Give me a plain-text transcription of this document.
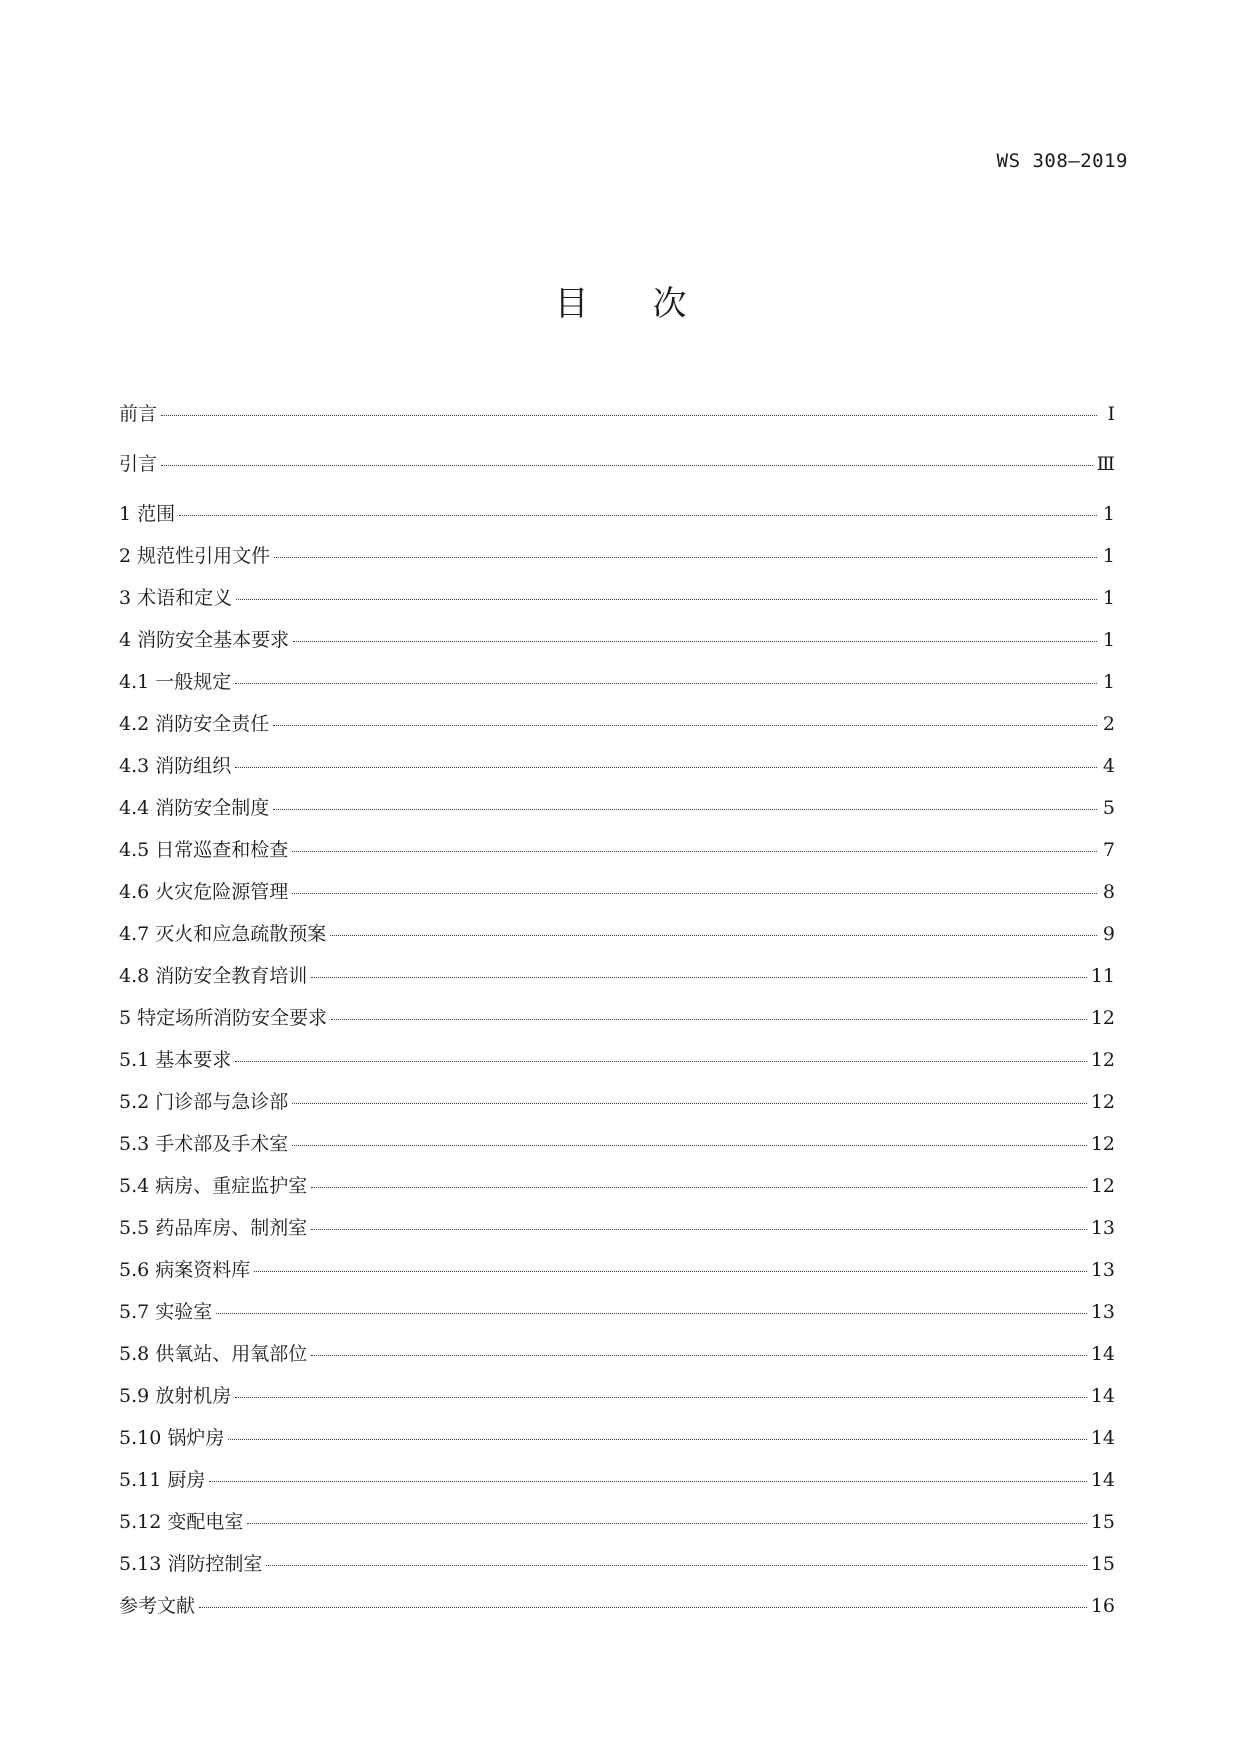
WS 308—2019
目次
前言	Ⅰ
引言	Ⅲ
1 范围	1
2 规范性引用文件	1
3 术语和定义	1
4 消防安全基本要求	1
4.1 一般规定	1
4.2 消防安全责任	2
4.3 消防组织	4
4.4 消防安全制度	5
4.5 日常巡查和检查	7
4.6 火灾危险源管理	8
4.7 灭火和应急疏散预案	9
4.8 消防安全教育培训	11
5 特定场所消防安全要求	12
5.1 基本要求	12
5.2 门诊部与急诊部	12
5.3 手术部及手术室	12
5.4 病房、重症监护室	12
5.5 药品库房、制剂室	13
5.6 病案资料库	13
5.7 实验室	13
5.8 供氧站、用氧部位	14
5.9 放射机房	14
5.10 锅炉房	14
5.11 厨房	14
5.12 变配电室	15
5.13 消防控制室	15
参考文献	16
